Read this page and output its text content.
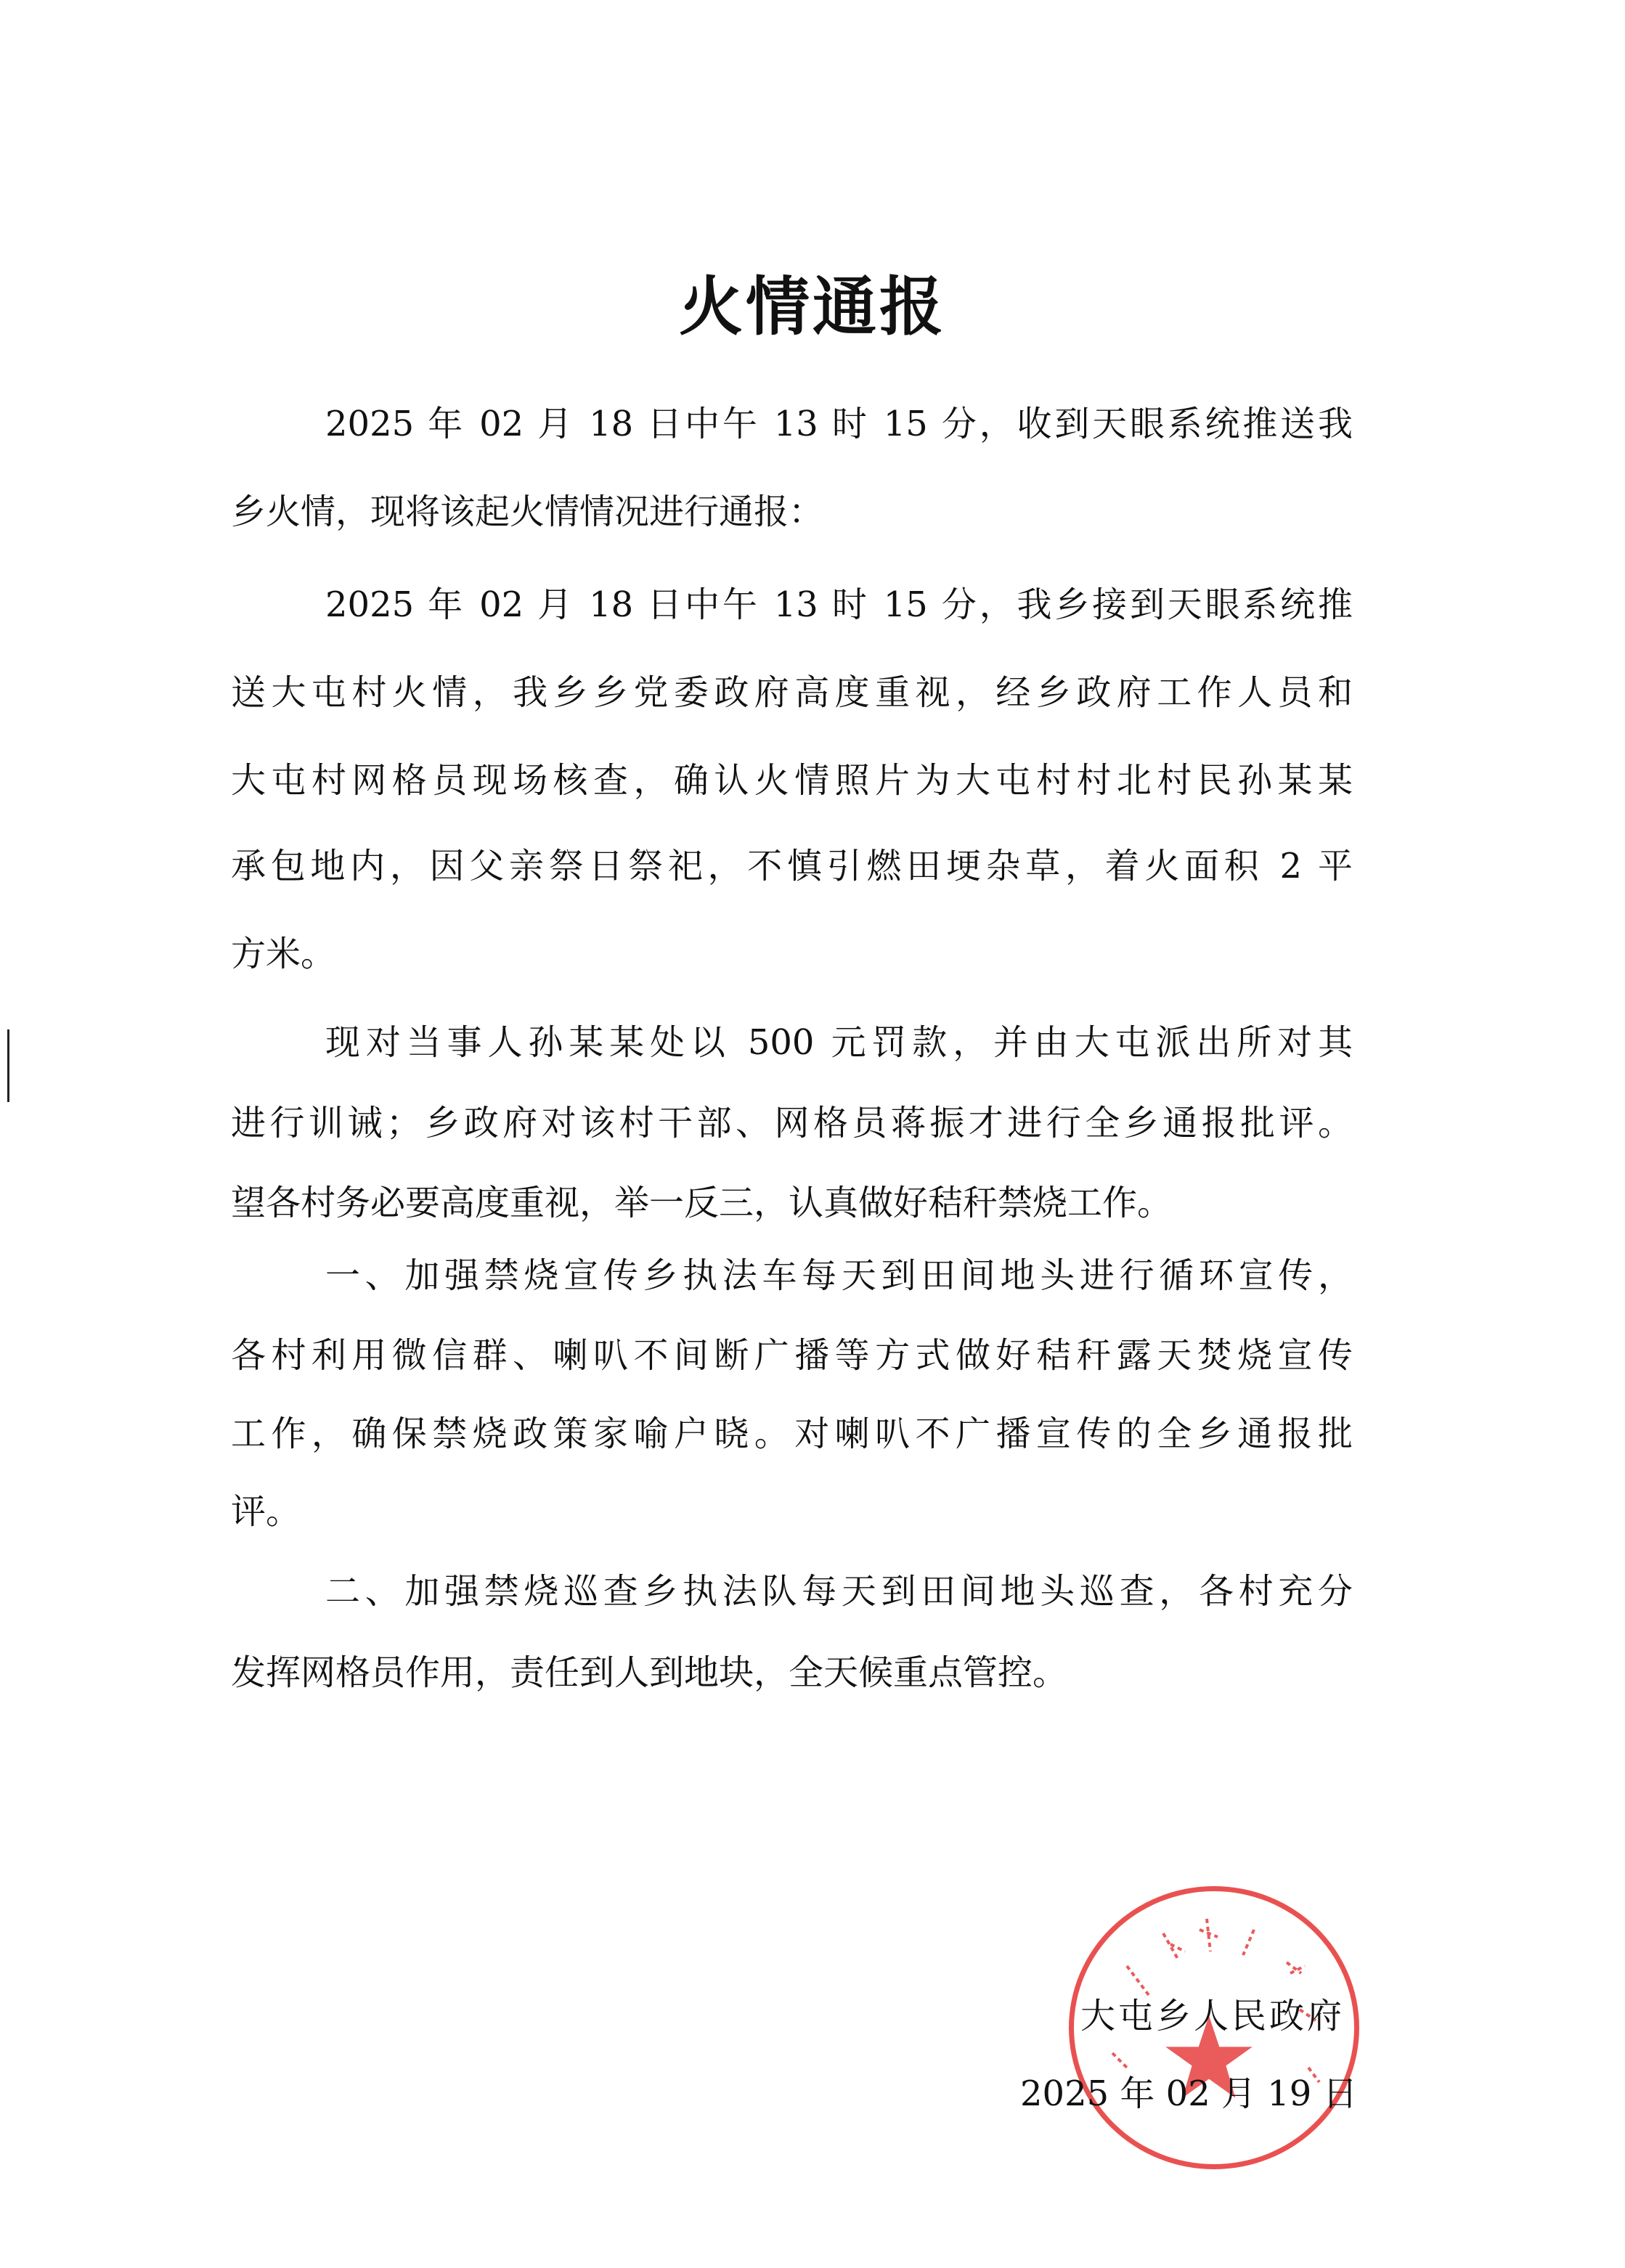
火情通报
2025 年 02 月 18 日中午 13 时 15 分，收到天眼系统推送我
乡火情，现将该起火情情况进行通报：
2025 年 02 月 18 日中午 13 时 15 分，我乡接到天眼系统推
送大屯村火情，我乡乡党委政府高度重视，经乡政府工作人员和
大屯村网格员现场核查，确认火情照片为大屯村村北村民孙某某
承包地内，因父亲祭日祭祀，不慎引燃田埂杂草，着火面积 2 平
方米。
现对当事人孙某某处以 500 元罚款，并由大屯派出所对其
进行训诫；乡政府对该村干部、网格员蒋振才进行全乡通报批评。
望各村务必要高度重视，举一反三，认真做好秸秆禁烧工作。
一、加强禁烧宣传乡执法车每天到田间地头进行循环宣传，
各村利用微信群、喇叭不间断广播等方式做好秸秆露天焚烧宣传
工作，确保禁烧政策家喻户晓。对喇叭不广播宣传的全乡通报批
评。
二、加强禁烧巡查乡执法队每天到田间地头巡查，各村充分
发挥网格员作用，责任到人到地块，全天候重点管控。
大屯乡人民政府
2025 年 02 月 19 日
